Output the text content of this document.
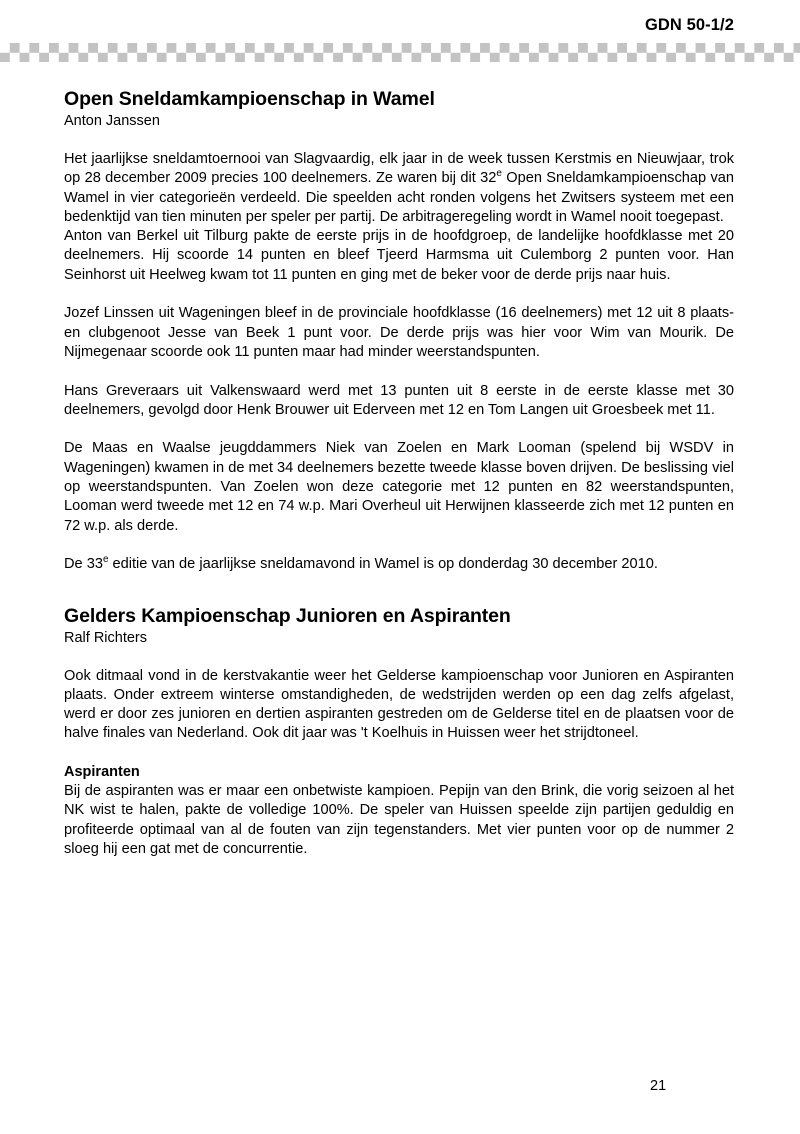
GDN 50-1/2
Open Sneldamkampioenschap in Wamel
Anton Janssen

Het jaarlijkse sneldamtoernooi van Slagvaardig, elk jaar in de week tussen Kerstmis en Nieuwjaar, trok op 28 december 2009 precies 100 deelnemers. Ze waren bij dit 32e Open Sneldamkampioenschap van Wamel in vier categorieën verdeeld. Die speelden acht ronden volgens het Zwitsers systeem met een bedenktijd van tien minuten per speler per partij. De arbitrageregeling wordt in Wamel nooit toegepast.

Anton van Berkel uit Tilburg pakte de eerste prijs in de hoofdgroep, de landelijke hoofdklasse met 20 deelnemers. Hij scoorde 14 punten en bleef Tjeerd Harmsma uit Culemborg 2 punten voor. Han Seinhorst uit Heelweg kwam tot 11 punten en ging met de beker voor de derde prijs naar huis.

Jozef Linssen uit Wageningen bleef in de provinciale hoofdklasse (16 deelnemers) met 12 uit 8 plaats- en clubgenoot Jesse van Beek 1 punt voor. De derde prijs was hier voor Wim van Mourik. De Nijmegenaar scoorde ook 11 punten maar had minder weerstandspunten.

Hans Greveraars uit Valkenswaard werd met 13 punten uit 8 eerste in de eerste klasse met 30 deelnemers, gevolgd door Henk Brouwer uit Ederveen met 12 en Tom Langen uit Groesbeek met 11.

De Maas en Waalse jeugddammers Niek van Zoelen en Mark Looman (spelend bij WSDV in Wageningen) kwamen in de met 34 deelnemers bezette tweede klasse boven drijven. De beslissing viel op weerstandspunten. Van Zoelen won deze categorie met 12 punten en 82 weerstandspunten, Looman werd tweede met 12 en 74 w.p. Mari Overheul uit Herwijnen klasseerde zich met 12 punten en 72 w.p. als derde.

De 33e editie van de jaarlijkse sneldamavond in Wamel is op donderdag 30 december 2010.

Gelders Kampioenschap Junioren en Aspiranten
Ralf Richters

Ook ditmaal vond in de kerstvakantie weer het Gelderse kampioenschap voor Junioren en Aspiranten plaats. Onder extreem winterse omstandigheden, de wedstrijden werden op een dag zelfs afgelast, werd er door zes junioren en dertien aspiranten gestreden om de Gelderse titel en de plaatsen voor de halve finales van Nederland. Ook dit jaar was 't Koelhuis in Huissen weer het strijdtoneel.

Aspiranten

Bij de aspiranten was er maar een onbetwiste kampioen. Pepijn van den Brink, die vorig seizoen al het NK wist te halen, pakte de volledige 100%. De speler van Huissen speelde zijn partijen geduldig en profiteerde optimaal van al de fouten van zijn tegenstanders. Met vier punten voor op de nummer 2 sloeg hij een gat met de concurrentie.

21
